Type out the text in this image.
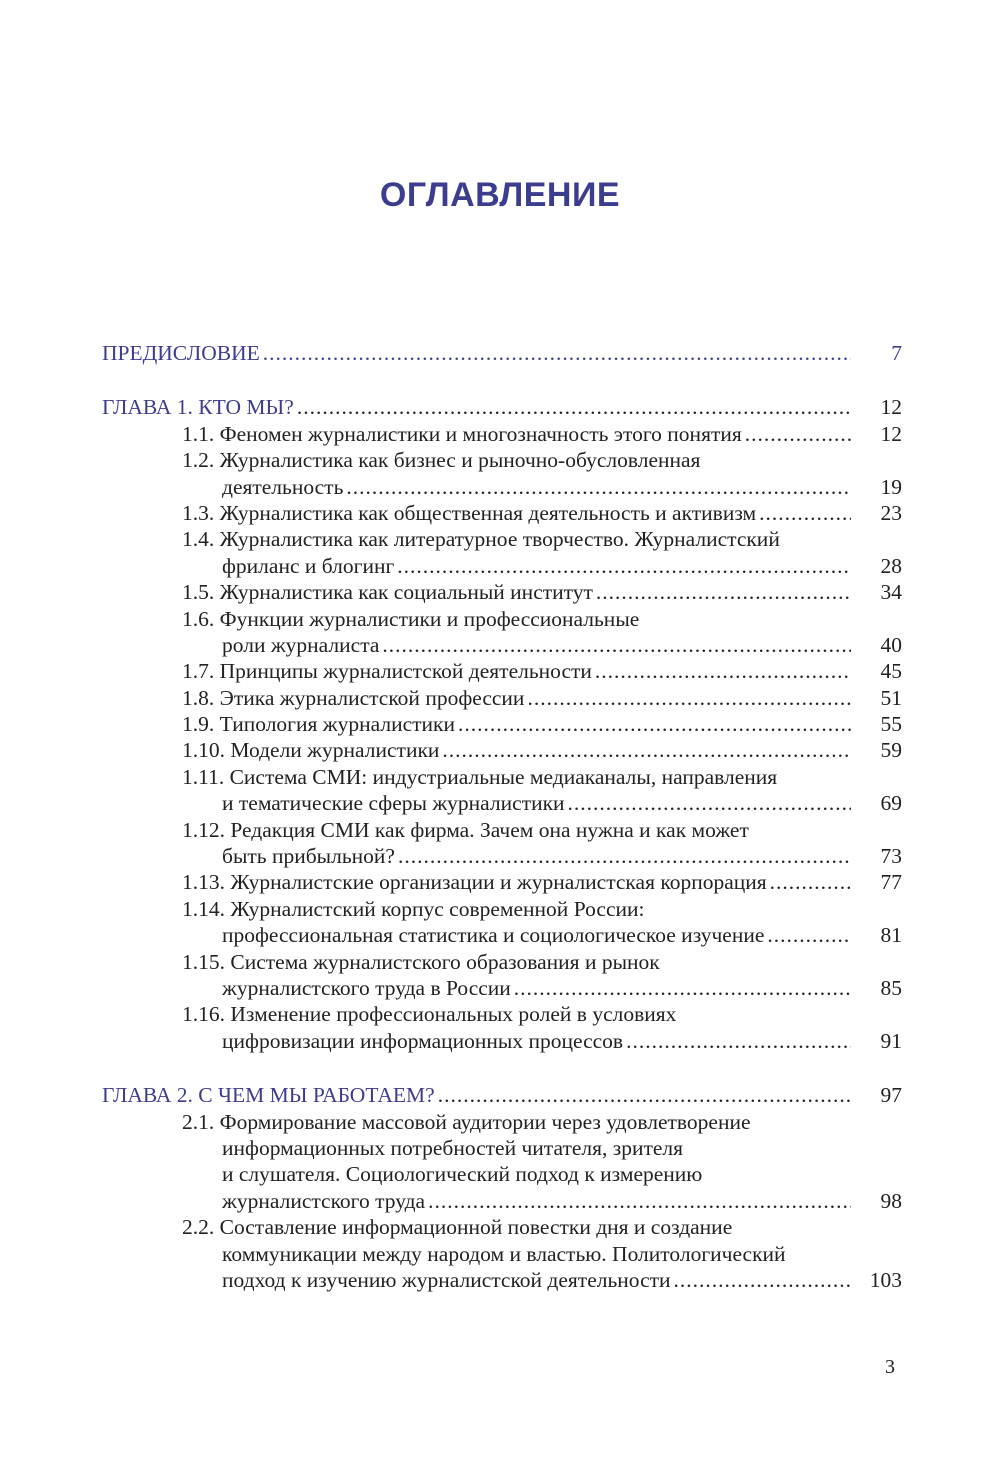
ОГЛАВЛЕНИЕ
ПРЕДИСЛОВИЕ .....	7
ГЛАВА 1. КТО МЫ? .....	12
1.1. Феномен журналистики и многозначность этого понятия .....	12
1.2. Журналистика как бизнес и рыночно-обусловленная
деятельность .....	19
1.3. Журналистика как общественная деятельность и активизм .....	23
1.4. Журналистика как литературное творчество. Журналистский
фриланс и блогинг .....	28
1.5. Журналистика как социальный институт .....	34
1.6. Функции журналистики и профессиональные
роли журналиста .....	40
1.7. Принципы журналистской деятельности .....	45
1.8. Этика журналистской профессии .....	51
1.9. Типология журналистики .....	55
1.10. Модели журналистики .....	59
1.11. Система СМИ: индустриальные медиаканалы, направления
и тематические сферы журналистики .....	69
1.12. Редакция СМИ как фирма. Зачем она нужна и как может
быть прибыльной? .....	73
1.13. Журналистские организации и журналистская корпорация .....	77
1.14. Журналистский корпус современной России:
профессиональная статистика и социологическое изучение .....	81
1.15. Система журналистского образования и рынок
журналистского труда в России .....	85
1.16. Изменение профессиональных ролей в условиях
цифровизации информационных процессов .....	91
ГЛАВА 2. С ЧЕМ МЫ РАБОТАЕМ? .....	97
2.1. Формирование массовой аудитории через удовлетворение
информационных потребностей читателя, зрителя
и слушателя. Социологический подход к измерению
журналистского труда .....	98
2.2. Составление информационной повестки дня и создание
коммуникации между народом и властью. Политологический
подход к изучению журналистской деятельности .....	103
3
